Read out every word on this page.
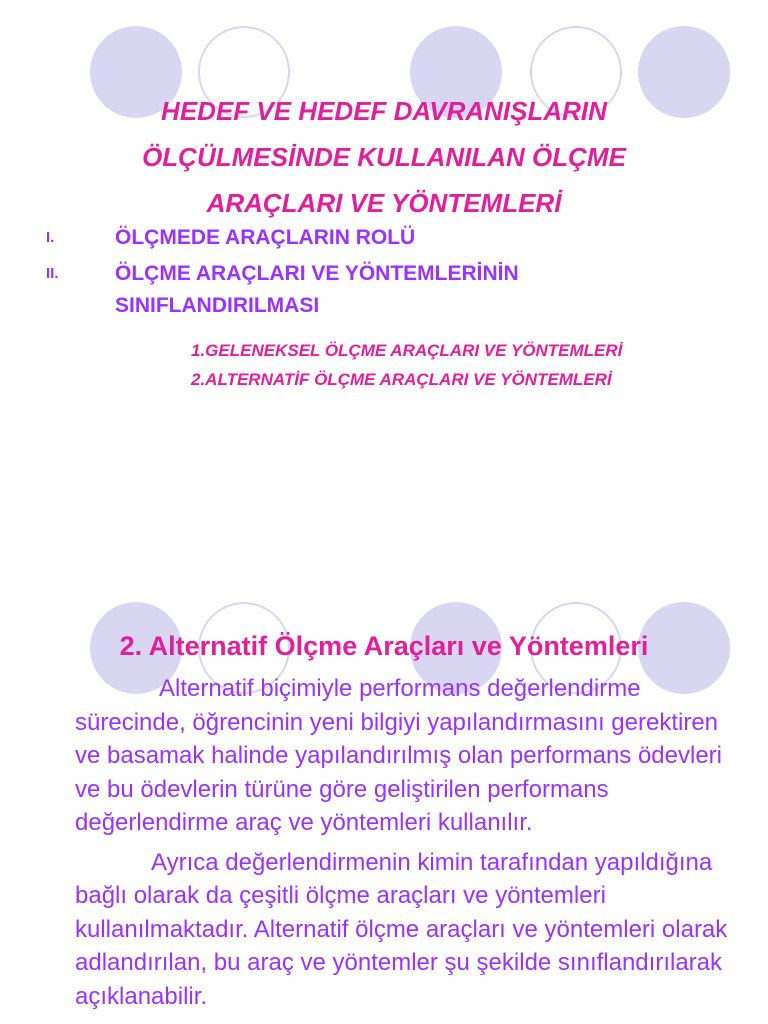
HEDEF VE HEDEF DAVRANIŞLARIN
ÖLÇÜLMESİNDE KULLANILAN ÖLÇME
ARAÇLARI VE YÖNTEMLERİ
I.	ÖLÇMEDE ARAÇLARIN ROLÜ
II.	ÖLÇME ARAÇLARI VE YÖNTEMLERİNİN SINIFLANDIRILMASI
1.GELENEKSEL ÖLÇME ARAÇLARI VE YÖNTEMLERİ
2.ALTERNATİF ÖLÇME ARAÇLARI VE YÖNTEMLERİ
2. Alternatif Ölçme Araçları ve Yöntemleri

Alternatif biçimiyle performans değerlendirme sürecinde, öğrencinin yeni bilgiyi yapılandırmasını gerektiren ve basamak halinde yapılandırılmış olan performans ödevleri ve bu ödevlerin türüne göre geliştirilen performans değerlendirme araç ve yöntemleri kullanılır.

Ayrıca değerlendirmenin kimin tarafından yapıldığına bağlı olarak da çeşitli ölçme araçları ve yöntemleri kullanılmaktadır. Alternatif ölçme araçları ve yöntemleri olarak adlandırılan, bu araç ve yöntemler şu şekilde sınıflandırılarak açıklanabilir.
